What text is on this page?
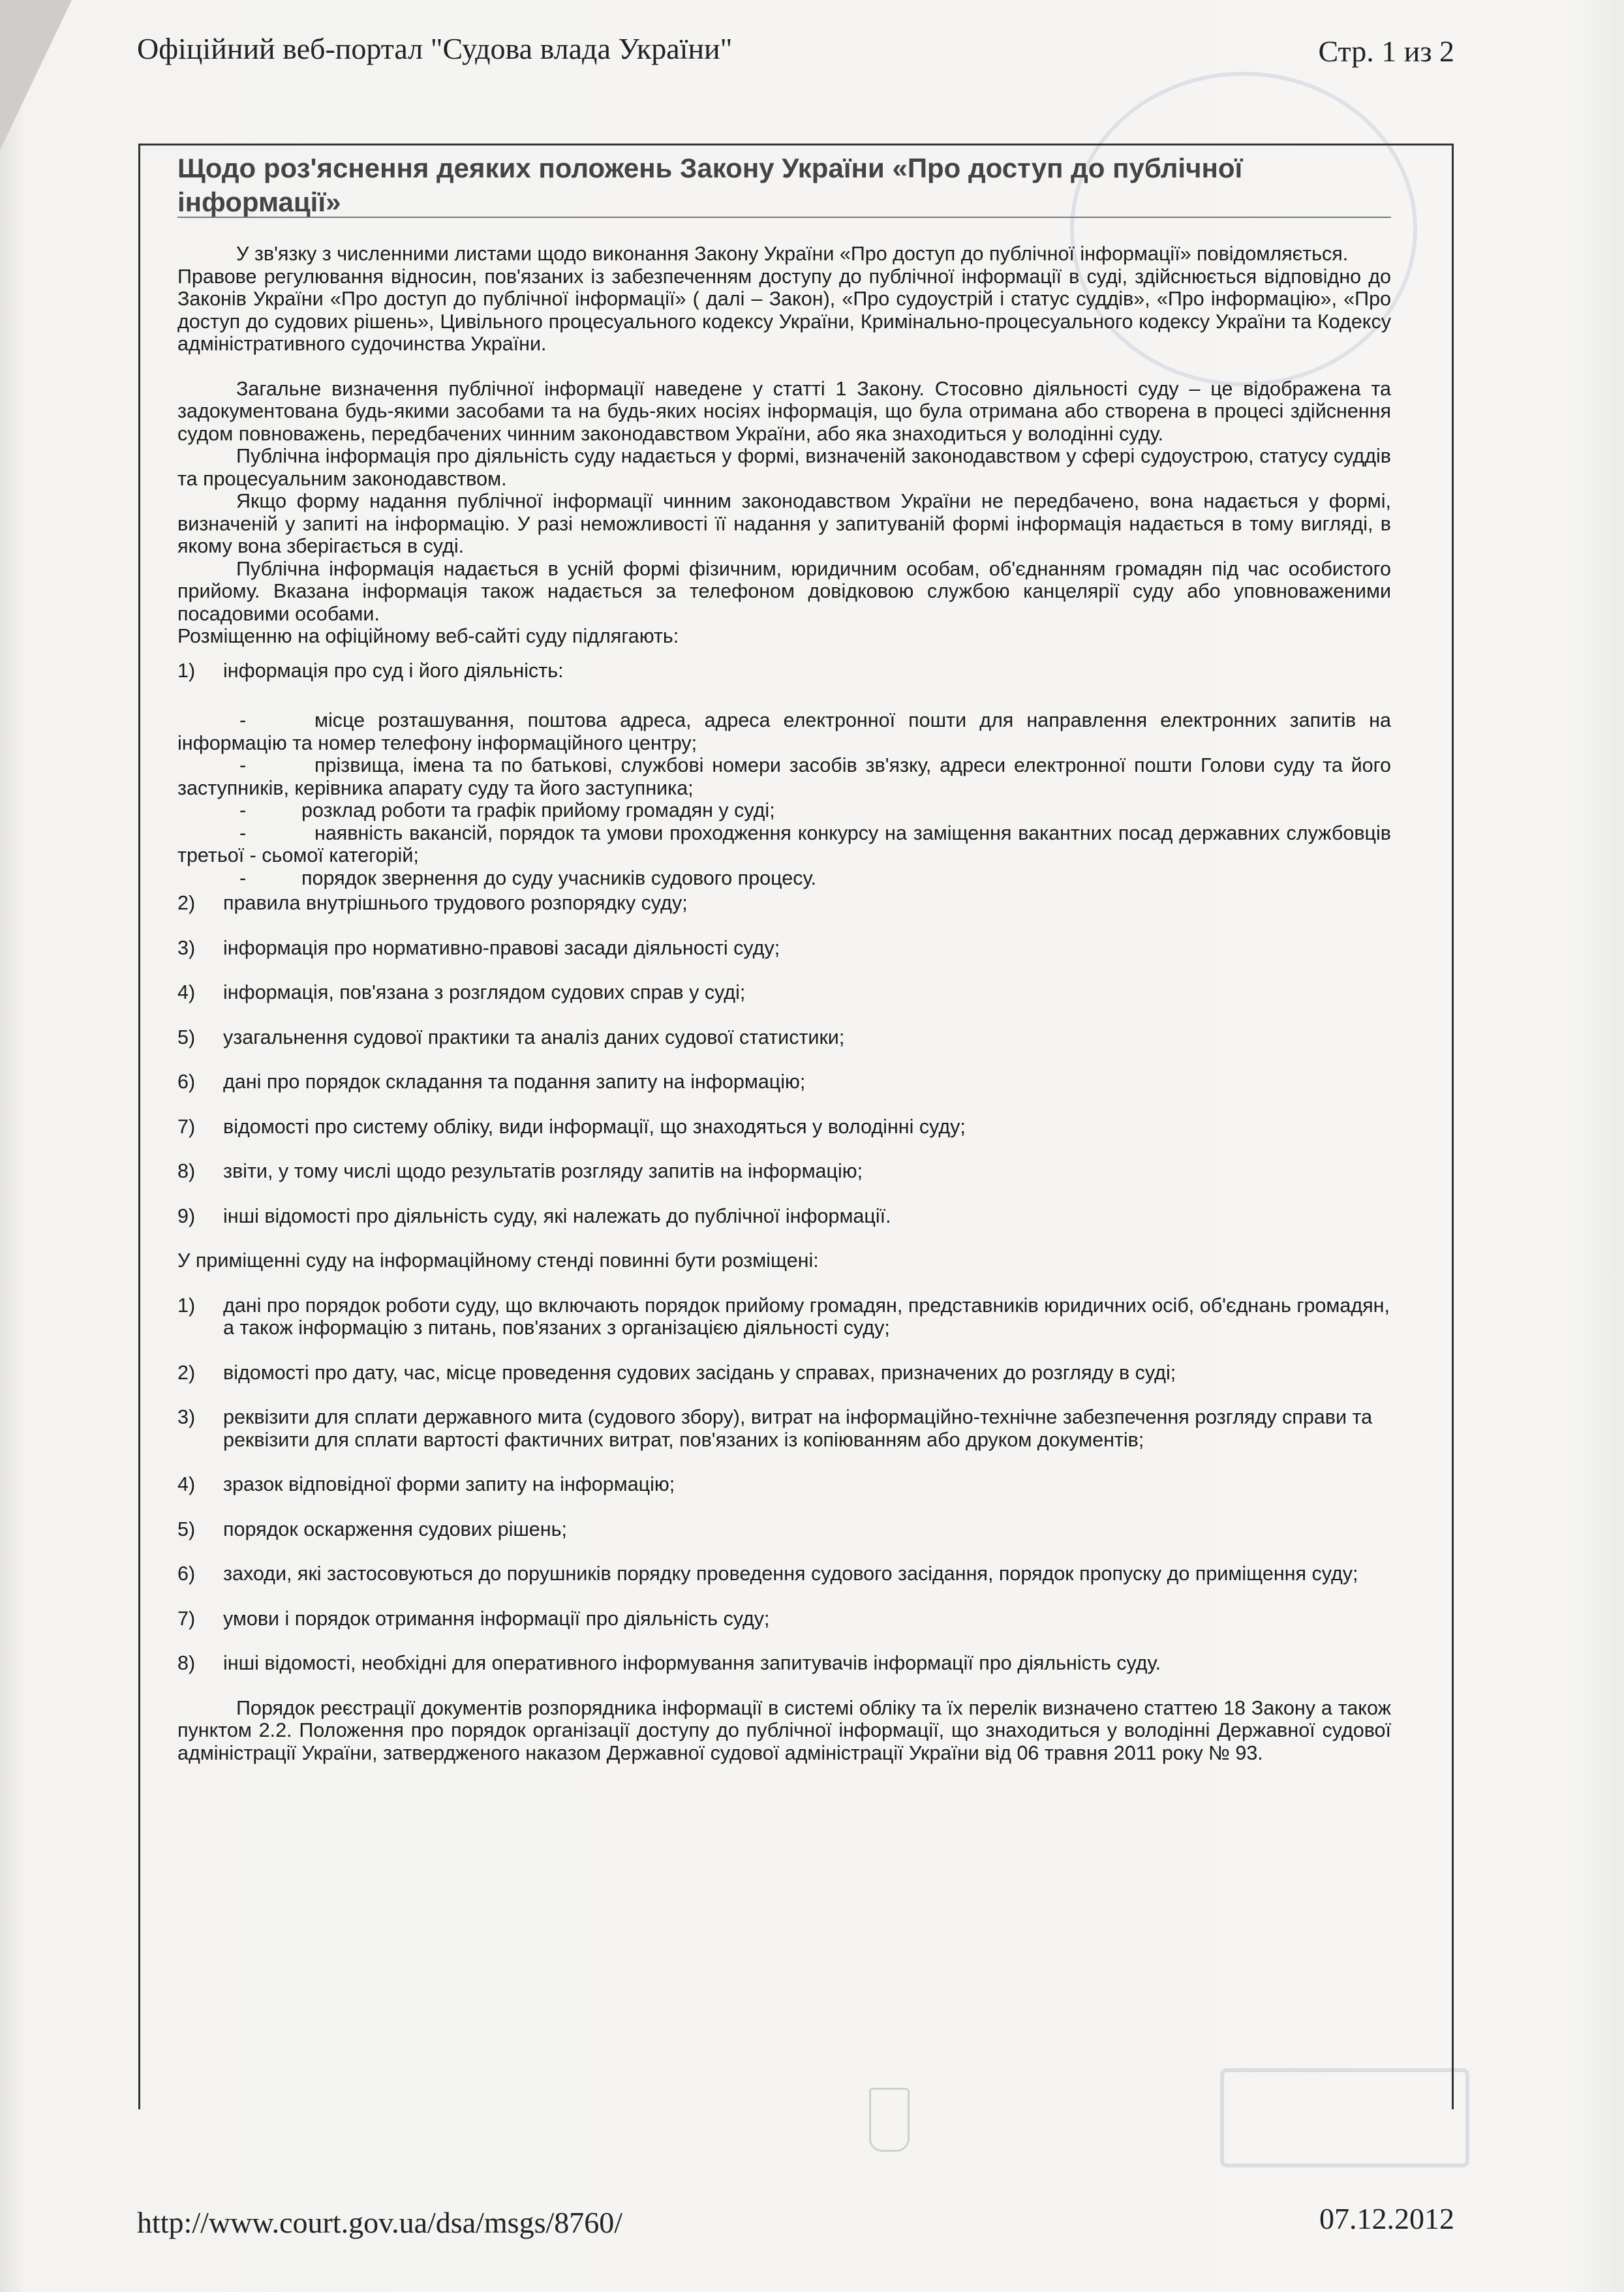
Офіційний веб-портал "Судова влада України"	Стр. 1 из 2
Щодо роз'яснення деяких положень Закону України «Про доступ до публічної інформації»

У зв'язку з численними листами щодо виконання Закону України «Про доступ до публічної інформації» повідомляється.

Правове регулювання відносин, пов'язаних із забезпеченням доступу до публічної інформації в суді, здійснюється відповідно до Законів України «Про доступ до публічної інформації» ( далі – Закон), «Про судоустрій і статус суддів», «Про інформацію», «Про доступ до судових рішень», Цивільного процесуального кодексу України, Кримінально-процесуального кодексу України та Кодексу адміністративного судочинства України.

Загальне визначення публічної інформації наведене у статті 1 Закону. Стосовно діяльності суду – це відображена та задокументована будь-якими засобами та на будь-яких носіях інформація, що була отримана або створена в процесі здійснення судом повноважень, передбачених чинним законодавством України, або яка знаходиться у володінні суду.

Публічна інформація про діяльність суду надається у формі, визначеній законодавством у сфері судоустрою, статусу суддів та процесуальним законодавством.

Якщо форму надання публічної інформації чинним законодавством України не передбачено, вона надається у формі, визначеній у запиті на інформацію. У разі неможливості її надання у запитуваній формі інформація надається в тому вигляді, в якому вона зберігається в суді.

Публічна інформація надається в усній формі фізичним, юридичним особам, об'єднанням громадян під час особистого прийому. Вказана інформація також надається за телефоном довідковою службою канцелярії суду або уповноваженими посадовими особами.

Розміщенню на офіційному веб-сайті суду підлягають:

1)	інформація про суд і його діяльність:

-	місце розташування, поштова адреса, адреса електронної пошти для направлення електронних запитів на інформацію та номер телефону інформаційного центру;

-	прізвища, імена та по батькові, службові номери засобів зв'язку, адреси електронної пошти Голови суду та його заступників, керівника апарату суду та його заступника;

-	розклад роботи та графік прийому громадян у суді;

-	наявність вакансій, порядок та умови проходження конкурсу на заміщення вакантних посад державних службовців третьої - сьомої категорій;

-	порядок звернення до суду учасників судового процесу.

2)	правила внутрішнього трудового розпорядку суду;
3)	інформація про нормативно-правові засади діяльності суду;
4)	інформація, пов'язана з розглядом судових справ у суді;
5)	узагальнення судової практики та аналіз даних судової статистики;
6)	дані про порядок складання та подання запиту на інформацію;
7)	відомості про систему обліку, види інформації, що знаходяться у володінні суду;
8)	звіти, у тому числі щодо результатів розгляду запитів на інформацію;
9)	інші відомості про діяльність суду, які належать до публічної інформації.

У приміщенні суду на інформаційному стенді повинні бути розміщені:

1)	дані про порядок роботи суду, що включають порядок прийому громадян, представників юридичних осіб, об'єднань громадян, а також інформацію з питань, пов'язаних з організацією діяльності суду;
2)	відомості про дату, час, місце проведення судових засідань у справах, призначених до розгляду в суді;
3)	реквізити для сплати державного мита (судового збору), витрат на інформаційно-технічне забезпечення розгляду справи та реквізити для сплати вартості фактичних витрат, пов'язаних із копіюванням або друком документів;
4)	зразок відповідної форми запиту на інформацію;
5)	порядок оскарження судових рішень;
6)	заходи, які застосовуються до порушників порядку проведення судового засідання, порядок пропуску до приміщення суду;
7)	умови і порядок отримання інформації про діяльність суду;
8)	інші відомості, необхідні для оперативного інформування запитувачів інформації про діяльність суду.

Порядок реєстрації документів розпорядника інформації в системі обліку та їх перелік визначено статтею 18 Закону а також пунктом 2.2. Положення про порядок організації доступу до публічної інформації, що знаходиться у володінні Державної судової адміністрації України, затвердженого наказом Державної судової адміністрації України від 06 травня 2011 року № 93.

http://www.court.gov.ua/dsa/msgs/8760/	07.12.2012
